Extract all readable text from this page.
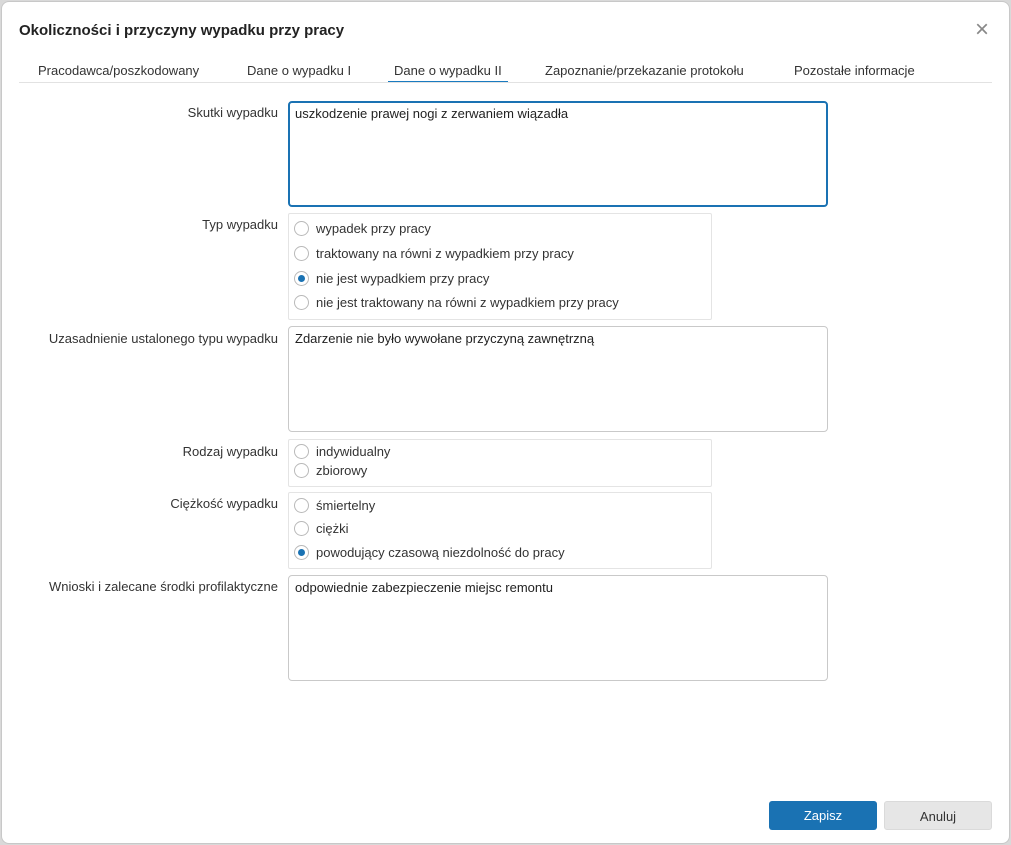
Okoliczności i przyczyny wypadku przy pracy	×
Pracodawca/poszkodowany	Dane o wypadku I	Dane o wypadku II	Zapoznanie/przekazanie protokołu	Pozostałe informacje
Skutki wypadku	uszkodzenie prawej nogi z zerwaniem wiązadła
Typ wypadku	wypadek przy pracy
traktowany na równi z wypadkiem przy pracy
nie jest wypadkiem przy pracy
nie jest traktowany na równi z wypadkiem przy pracy
Uzasadnienie ustalonego typu wypadku	Zdarzenie nie było wywołane przyczyną zawnętrzną
Rodzaj wypadku	indywidualny
zbiorowy
Ciężkość wypadku	śmiertelny
ciężki
powodujący czasową niezdolność do pracy
Wnioski i zalecane środki profilaktyczne	odpowiednie zabezpieczenie miejsc remontu
Zapisz	Anuluj
